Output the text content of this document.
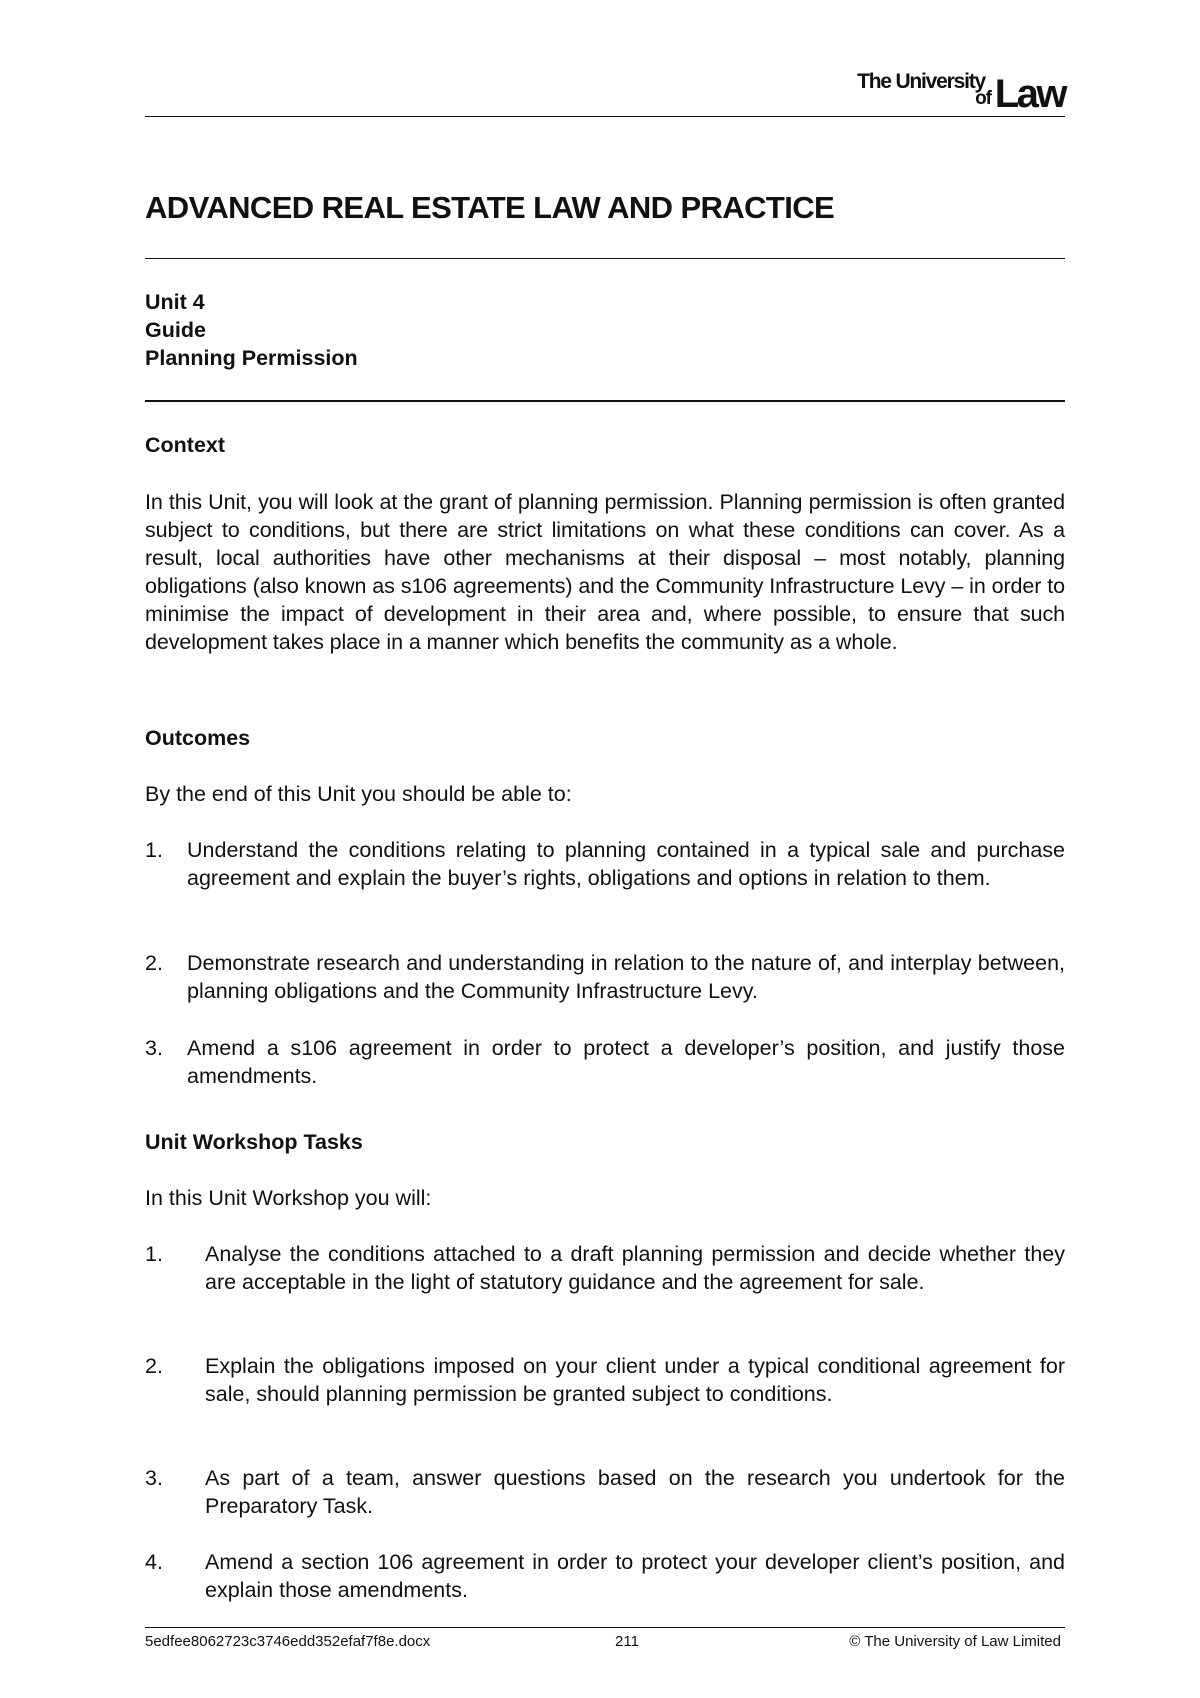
The University
of Law
ADVANCED REAL ESTATE LAW AND PRACTICE
Unit 4
Guide
Planning Permission
Context
In this Unit, you will look at the grant of planning permission. Planning permission is often granted subject to conditions, but there are strict limitations on what these conditions can cover. As a result, local authorities have other mechanisms at their disposal – most notably, planning obligations (also known as s106 agreements) and the Community Infrastructure Levy – in order to minimise the impact of development in their area and, where possible, to ensure that such development takes place in a manner which benefits the community as a whole.
Outcomes
By the end of this Unit you should be able to:
1. Understand the conditions relating to planning contained in a typical sale and purchase agreement and explain the buyer’s rights, obligations and options in relation to them.
2. Demonstrate research and understanding in relation to the nature of, and interplay between, planning obligations and the Community Infrastructure Levy.
3. Amend a s106 agreement in order to protect a developer’s position, and justify those amendments.
Unit Workshop Tasks
In this Unit Workshop you will:
1. Analyse the conditions attached to a draft planning permission and decide whether they are acceptable in the light of statutory guidance and the agreement for sale.
2. Explain the obligations imposed on your client under a typical conditional agreement for sale, should planning permission be granted subject to conditions.
3. As part of a team, answer questions based on the research you undertook for the Preparatory Task.
4. Amend a section 106 agreement in order to protect your developer client’s position, and explain those amendments.
5edfee8062723c3746edd352efaf7f8e.docx	211	© The University of Law Limited
